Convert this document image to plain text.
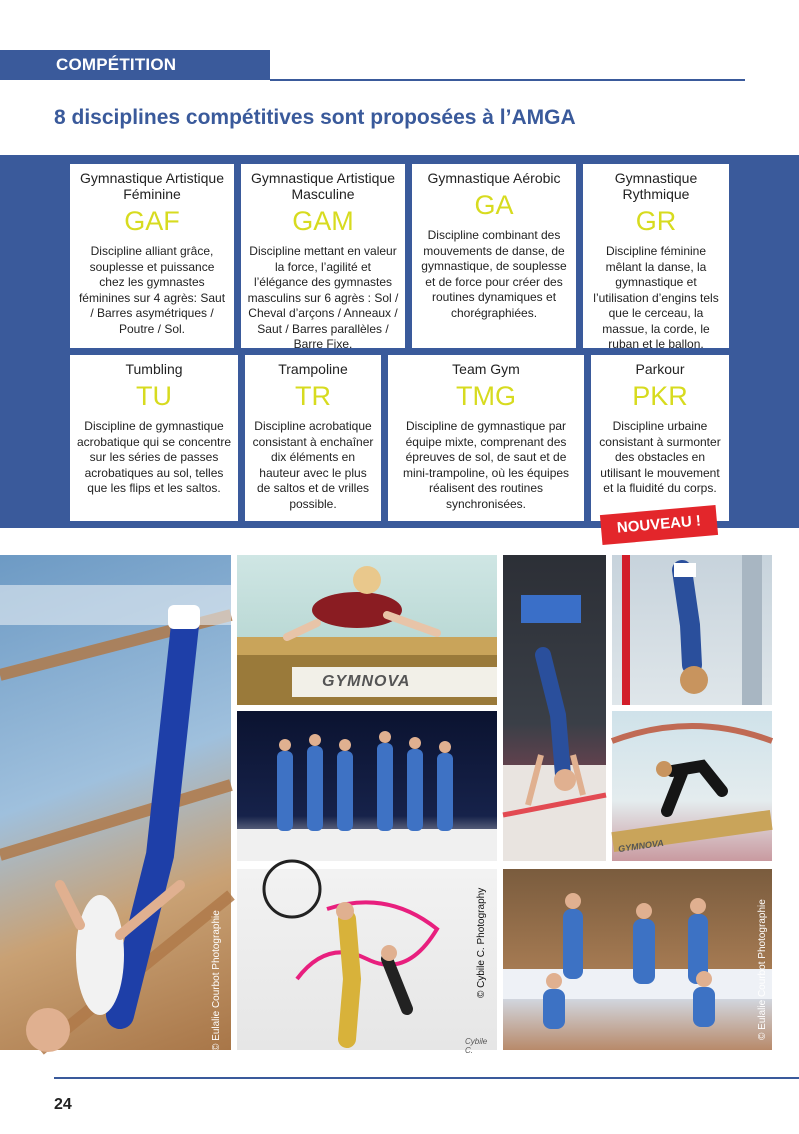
COMPÉTITION
8 disciplines compétitives sont proposées à l’AMGA
Gymnastique Artistique Féminine
GAF
Discipline alliant grâce, souplesse et puissance chez les gymnastes féminines sur 4 agrès: Saut / Barres asymétriques / Poutre / Sol.
Gymnastique Artistique Masculine
GAM
Discipline mettant en valeur la force, l’agilité et l’élégance des gymnastes masculins sur 6 agrès : Sol / Cheval d’arçons / Anneaux / Saut / Barres parallèles / Barre Fixe.
Gymnastique Aérobic
GA
Discipline combinant des mouvements de danse, de gymnastique, de souplesse et de force pour créer des routines dynamiques et chorégraphiées.
Gymnastique Rythmique
GR
Discipline féminine mêlant la danse, la gymnastique et l’utilisation d’engins tels que le cerceau, la massue, la corde, le ruban et le ballon.
Tumbling
TU
Discipline de gymnastique acrobatique qui se concentre sur les séries de passes acrobatiques au sol, telles que les flips et les saltos.
Trampoline
TR
Discipline acrobatique consistant à enchaîner dix éléments en hauteur avec le plus de saltos et de vrilles possible.
Team Gym
TMG
Discipline de gymnastique par équipe mixte, comprenant des épreuves de sol, de saut et de mini-trampoline, où les équipes réalisent des routines synchronisées.
Parkour
PKR
Discipline urbaine consistant à surmonter des obstacles en utilisant le mouvement et la fluidité du corps.
NOUVEAU !
© Eulalie Courbot Photographie
GYMNOVA
GYMNOVA
© Cybile C. Photography
Cybile C.
© Eulalie Courbot Photographie
24
